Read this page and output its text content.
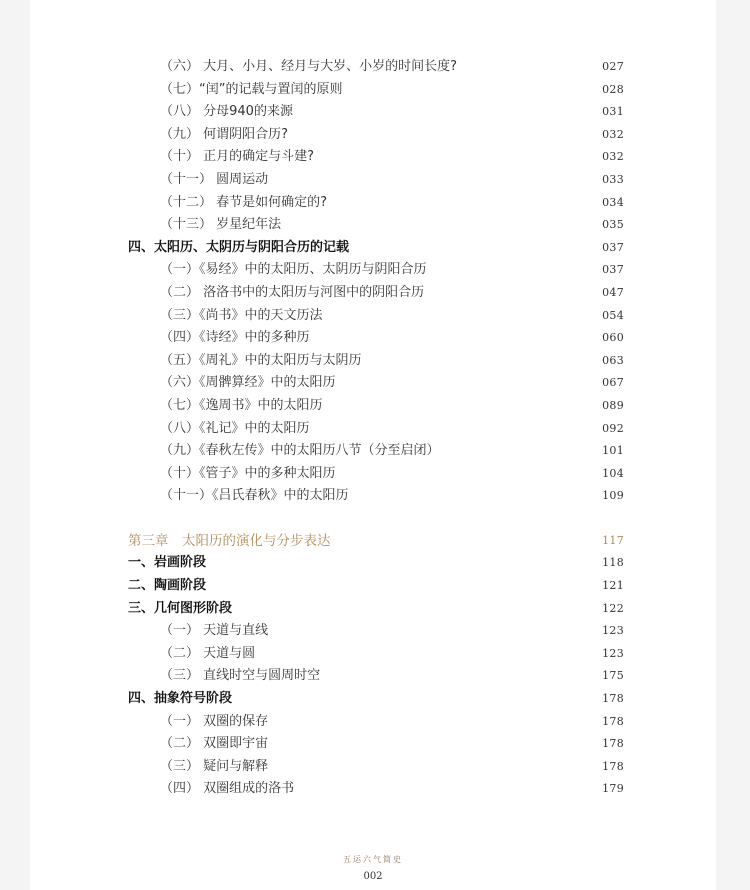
（六） 大月、小月、经月与大岁、小岁的时间长度?	027
（七）“闰”的记载与置闰的原则	028
（八） 分母940的来源	031
（九） 何谓阴阳合历?	032
（十） 正月的确定与斗建?	032
（十一） 圆周运动	033
（十二） 春节是如何确定的?	034
（十三） 岁星纪年法	035
四、太阳历、太阴历与阴阳合历的记载	037
（一）《易经》中的太阳历、太阴历与阴阳合历	037
（二） 洛洛书中的太阳历与河图中的阴阳合历	047
（三）《尚书》中的天文历法	054
（四）《诗经》中的多种历	060
（五）《周礼》中的太阳历与太阴历	063
（六）《周髀算经》中的太阳历	067
（七）《逸周书》中的太阳历	089
（八）《礼记》中的太阳历	092
（九）《春秋左传》中的太阳历八节（分至启闭）	101
（十）《管子》中的多种太阳历	104
（十一）《吕氏春秋》中的太阳历	109
第三章　太阳历的演化与分步表达	117
一、岩画阶段	118
二、陶画阶段	121
三、几何图形阶段	122
（一） 天道与直线	123
（二） 天道与圆	123
（三） 直线时空与圆周时空	175
四、抽象符号阶段	178
（一） 双圈的保存	178
（二） 双圈即宇宙	178
（三） 疑问与解释	178
（四） 双圈组成的洛书	179
五运六气简史
002
